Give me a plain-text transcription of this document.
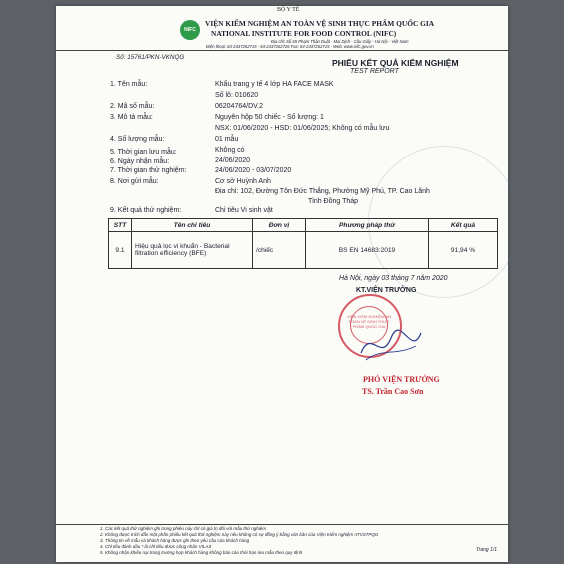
NIFC
BỘ Y TẾ
VIỆN KIỂM NGHIỆM AN TOÀN VỆ SINH THỰC PHẨM QUỐC GIA
NATIONAL INSTITUTE FOR FOOD CONTROL (NIFC)
Địa chỉ: Số 65 Phạm Thận Duật - Mai Dịch - Cầu Giấy - Hà Nội - Việt Nam
Điện thoại: 84-2437262715 - 84-2437262726 Fax: 84-2437262715 - Web: www.nifc.gov.vn
Số: 15761/PKN-VKNQG
PHIẾU KẾT QUẢ KIỂM NGHIỆM
TEST REPORT
1. Tên mẫu:	Khẩu trang y tế 4 lớp HA FACE MASK
Số lô: 010620
2. Mã số mẫu:	06204764/DV.2
3. Mô tả mẫu:	Nguyên hộp 50 chiếc - Số lượng: 1
NSX: 01/06/2020 - HSD: 01/06/2025; Không có mẫu lưu
4. Số lượng mẫu:	01 mẫu
5. Thời gian lưu mẫu:	Không có
6. Ngày nhận mẫu:	24/06/2020
7. Thời gian thử nghiệm:	24/06/2020 - 03/07/2020
8. Nơi gửi mẫu:	Cơ sở Huỳnh Anh
Địa chỉ: 102, Đường Tôn Đức Thắng, Phường Mỹ Phú, TP. Cao Lãnh
Tỉnh Đồng Tháp
9. Kết quả thử nghiệm:	Chỉ tiêu Vi sinh vật
STT	Tên chỉ tiêu	Đơn vị	Phương pháp thử	Kết quả
9.1	Hiệu quả lọc vi khuẩn - Bacterial filtration efficiency (BFE)	/chiếc	BS EN 14683:2019	91,94 %
Hà Nội, ngày 03 tháng 7 năm 2020
KT.VIỆN TRƯỞNG
VIỆN KIỂM NGHIỆM AN TOÀN VỆ SINH THỰC PHẨM QUỐC GIA
PHÓ VIỆN TRƯỞNG
TS. Trần Cao Sơn
1. Các kết quả thử nghiệm ghi trong phiếu này chỉ có giá trị đối với mẫu thử nghiệm
2. Không được trích dẫn một phần phiếu kết quả thử nghiệm này nếu không có sự đồng ý bằng văn bản của Viện Kiểm nghiệm ATVSTPQG
3. Thông tin về mẫu và khách hàng được ghi theo yêu cầu của khách hàng
4. Chỉ tiêu đánh dấu * là chỉ tiêu được công nhận VILAS
5. Không nhận khiếu nại trong trường hợp khách hàng không báo cáo thời hạn lưu mẫu theo quy định	Trang 1/1
